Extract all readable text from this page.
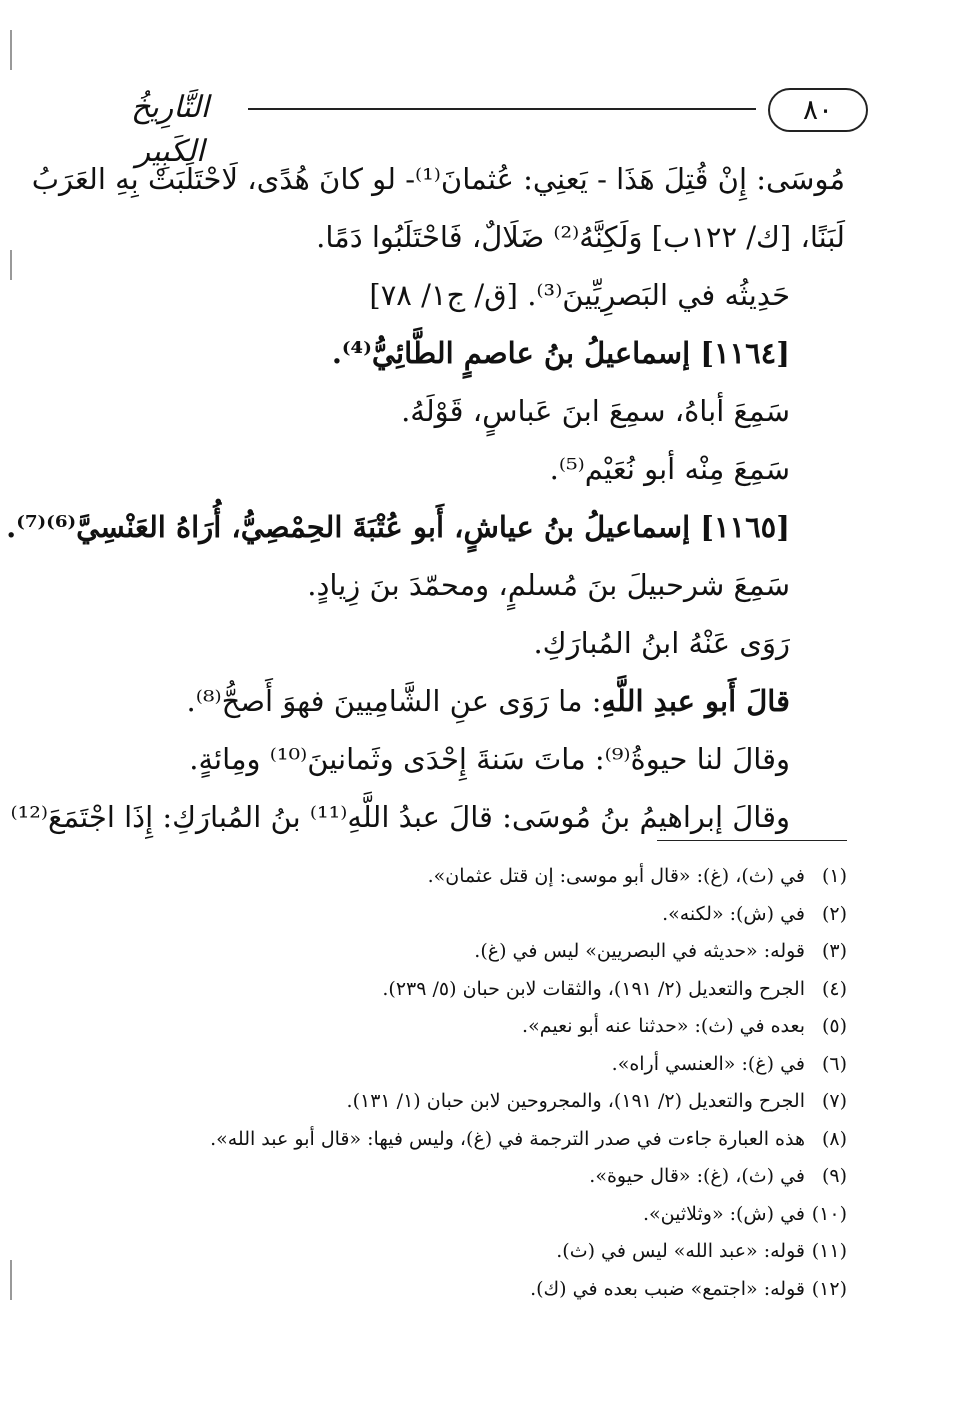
٨٠
التَّارِيخُ الكَبِير
مُوسَى: إِنْ قُتِلَ هَذَا - يَعنِي: عُثمانَ⁽¹⁾- لو كانَ هُدًى، لَاحْتَلَبَتْ بِهِ العَرَبُ
لَبَنًا، [ك/ ١٢٢ب] وَلَكِنَّهُ⁽²⁾ ضَلَالٌ، فَاحْتَلَبُوا دَمًا.
حَدِيثُه في البَصرِيِّينَ⁽³⁾. [ق/ ج١/ ٧٨]
[١١٦٤] إسماعيلُ بنُ عاصمٍ الطَّائِيُّ⁽⁴⁾.
سَمِعَ أباهُ، سمِعَ ابنَ عَباسٍ، قَوْلَهُ.
سَمِعَ مِنْه أبو نُعَيْم⁽⁵⁾.
[١١٦٥] إسماعيلُ بنُ عياشٍ، أَبو عُتْبَةَ الحِمْصِيُّ، أُرَاهُ العَنْسِيَّ⁽⁶⁾⁽⁷⁾.
سَمِعَ شرحبيلَ بنَ مُسلمٍ، ومحمّدَ بنَ زِيادٍ.
رَوَى عَنْهُ ابنُ المُبارَكِ.
قالَ أَبو عبدِ اللَّهِ: ما رَوَى عنِ الشَّامِيينَ فهوَ أَصحُّ⁽⁸⁾.
وقالَ لنا حيوةُ⁽⁹⁾: ماتَ سَنةَ إِحْدَى وثَمانينَ⁽¹⁰⁾ ومِائةٍ.
وقالَ إبراهيمُ بنُ مُوسَى: قالَ عبدُ اللَّهِ⁽¹¹⁾ بنُ المُبارَكِ: إِذَا اجْتَمَعَ⁽¹²⁾
(١)
في (ث)، (غ): «قال أبو موسى: إن قتل عثمان».
(٢)
في (ش): «لكنه».
(٣)
قوله: «حديثه في البصريين» ليس في (غ).
(٤)
الجرح والتعديل (٢/ ١٩١)، والثقات لابن حبان (٥/ ٢٣٩).
(٥)
بعده في (ث): «حدثنا عنه أبو نعيم».
(٦)
في (غ): «العنسي أراه».
(٧)
الجرح والتعديل (٢/ ١٩١)، والمجروحين لابن حبان (١/ ١٣١).
(٨)
هذه العبارة جاءت في صدر الترجمة في (غ)، وليس فيها: «قال أبو عبد الله».
(٩)
في (ث)، (غ): «قال حيوة».
(١٠)
في (ش): «وثلاثين».
(١١)
قوله: «عبد الله» ليس في (ث).
(١٢)
قوله: «اجتمع» ضبب بعده في (ك).
